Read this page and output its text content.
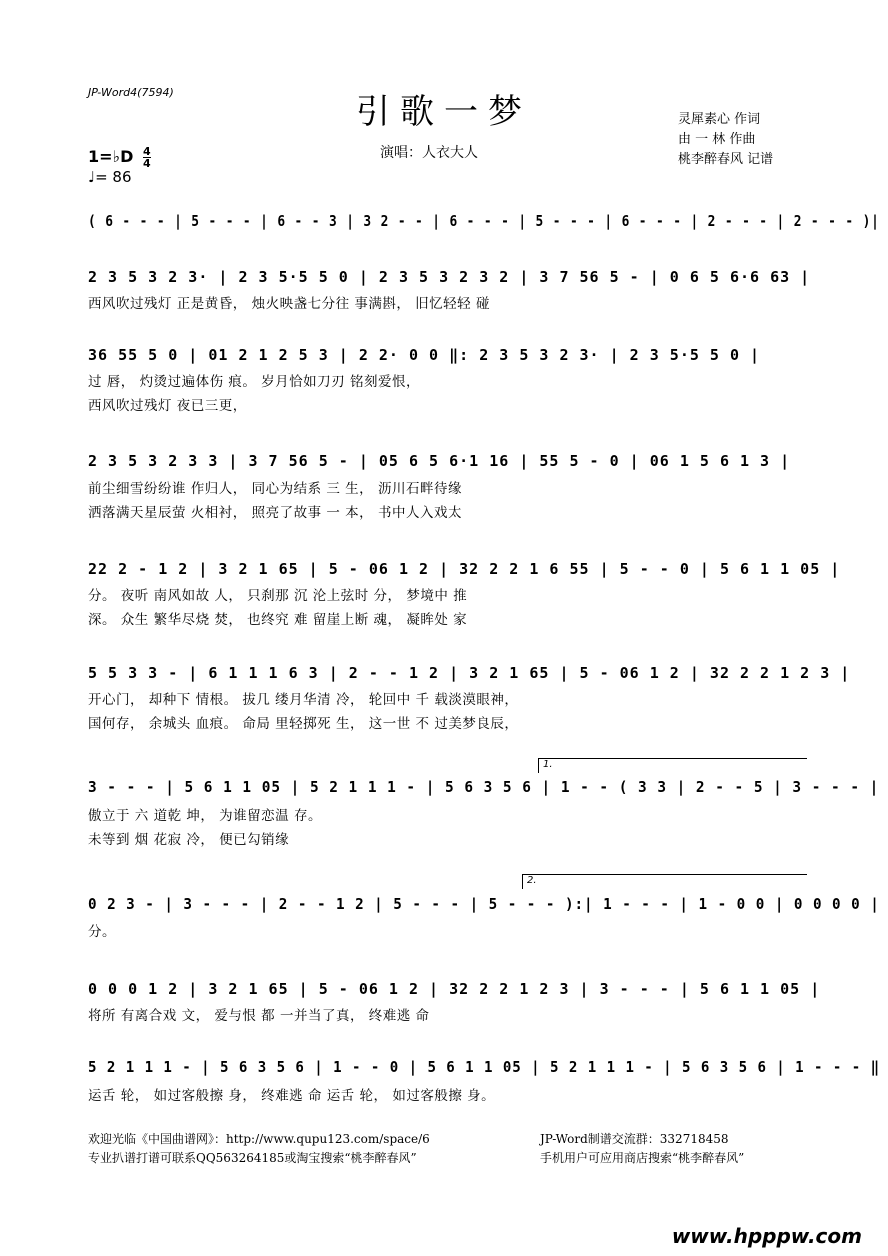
JP-Word4(7594)	引歌一梦
演唱：人衣大人
灵犀素心 作词
由 一 林 作曲
桃李醉春风 记谱
1=♭D $\frac{4}{4}$
♩= 86
( 6 - - - | 5 - - - | 6 - - 3 | 3 2 - - | 6 - - - | 5 - - - | 6 - - - | 2 - - - | 2 - - - )|
2 3 5 3 2 3· | 2 3 5·5 5 0 | 2 3 5 3 2 3 2 | 3 7 56 5 - | 0 6 5 6·6 63 |
西风吹过残灯 正是黄昏， 烛火映盏七分往 事满斟， 旧忆轻轻 碰
36 55 5 0 | 01 2 1 2 5 3 | 2 2· 0 0 ‖: 2 3 5 3 2 3· | 2 3 5·5 5 0 |
过 唇， 灼烫过遍体伤 痕。 岁月恰如刀刃 铭刻爱恨，
西风吹过残灯 夜已三更，
2 3 5 3 2 3 3 | 3 7 56 5 - | 05 6 5 6·1 16 | 55 5 - 0 | 06 1 5 6 1 3 |
前尘细雪纷纷谁 作归人， 同心为结系 三 生， 沥川石畔待缘
洒落满天星辰萤 火相衬， 照亮了故事 一 本， 书中人入戏太
22 2 - 1 2 | 3 2 1 65 | 5 - 06 1 2 | 32 2 2 1 6 55 | 5 - - 0 | 5 6 1 1 05 |
分。 夜听 南风如故 人， 只刹那 沉 沦上弦时 分， 梦境中 推
深。 众生 繁华尽烧 焚， 也终究 难 留崖上断 魂， 凝眸处 家
5 5 3 3 - | 6 1 1 1 6 3 | 2 - - 1 2 | 3 2 1 65 | 5 - 06 1 2 | 32 2 2 1 2 3 |
开心门， 却种下 情根。 拔几 缕月华清 冷， 轮回中 千 载淡漠眼神，
国何存， 余城头 血痕。 命局 里轻掷死 生， 这一世 不 过美梦良辰，
1.
3 - - - | 5 6 1 1 05 | 5 2 1 1 1 - | 5 6 3 5 6 | 1 - - ( 3 3 | 2 - - 5 | 3 - - - |
傲立于 六 道乾 坤， 为谁留恋温 存。
未等到 烟 花寂 冷， 便已勾销缘
2.
0 2 3 - | 3 - - - | 2 - - 1 2 | 5 - - - | 5 - - - ):| 1 - - - | 1 - 0 0 | 0 0 0 0 |
分。
0 0 0 1 2 | 3 2 1 65 | 5 - 06 1 2 | 32 2 2 1 2 3 | 3 - - - | 5 6 1 1 05 |
将所 有离合戏 文， 爱与恨 都 一并当了真， 终难逃 命
5 2 1 1 1 - | 5 6 3 5 6 | 1 - - 0 | 5 6 1 1 05 | 5 2 1 1 1 - | 5 6 3 5 6 | 1 - - - ‖
运舌 轮， 如过客般擦 身， 终难逃 命 运舌 轮， 如过客般擦 身。
欢迎光临《中国曲谱网》：http://www.qupu123.com/space/6
专业扒谱打谱可联系QQ563264185或淘宝搜索“桃李醉春风”
JP-Word制谱交流群：332718458
手机用户可应用商店搜索“桃李醉春风”
www.hpppw.com
